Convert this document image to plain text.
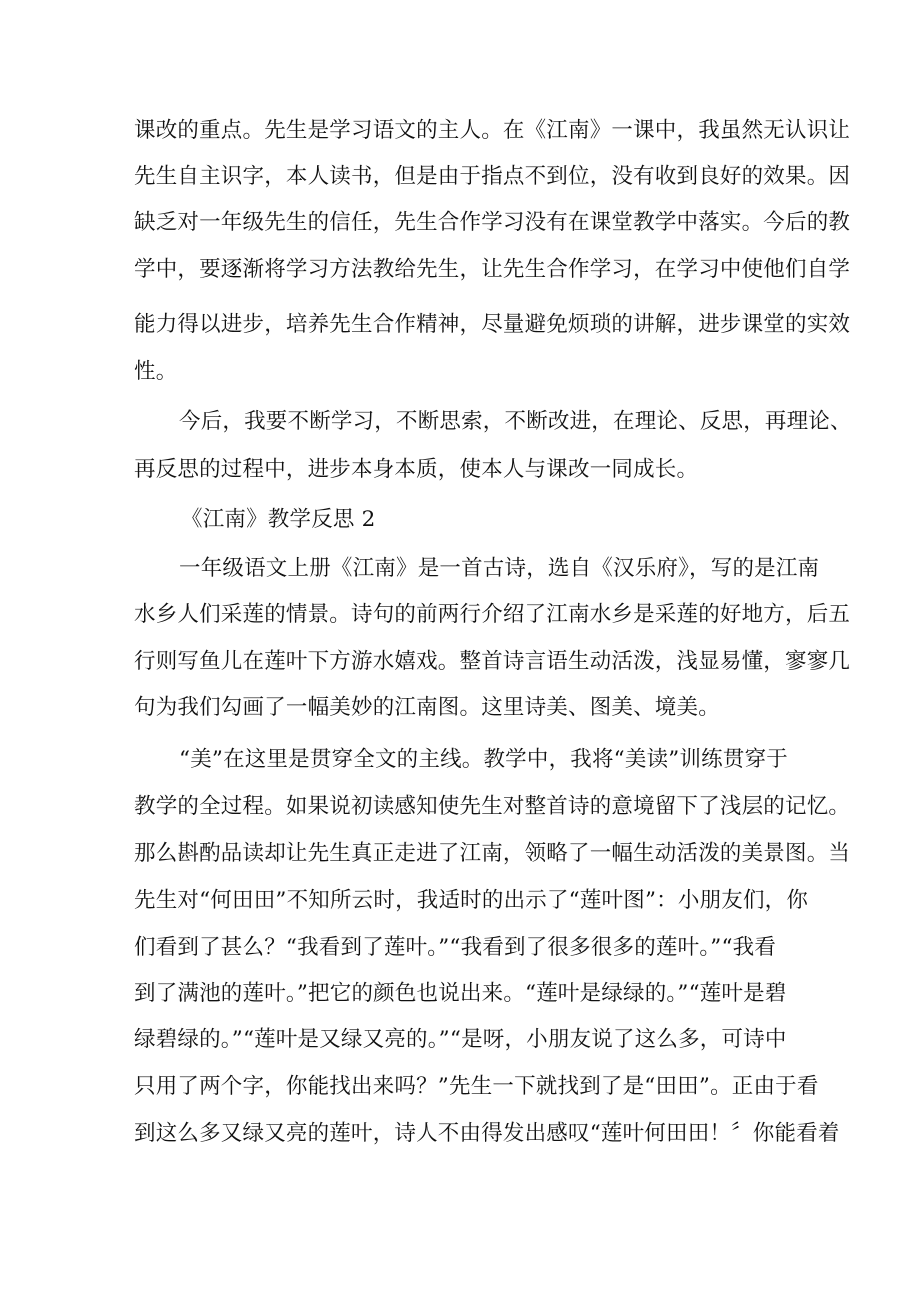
课改的重点。先生是学习语文的主人。在《江南》一课中，我虽然无认识让
先生自主识字，本人读书，但是由于指点不到位，没有收到良好的效果。因
缺乏对一年级先生的信任，先生合作学习没有在课堂教学中落实。今后的教
学中，要逐渐将学习方法教给先生，让先生合作学习，在学习中使他们自学
能力得以进步，培养先生合作精神，尽量避免烦琐的讲解，进步课堂的实效
性。
今后，我要不断学习，不断思索，不断改进，在理论、反思，再理论、
再反思的过程中，进步本身本质，使本人与课改一同成长。
《江南》教学反思 2
一年级语文上册《江南》是一首古诗，选自《汉乐府》，写的是江南
水乡人们采莲的情景。诗句的前两行介绍了江南水乡是采莲的好地方，后五
行则写鱼儿在莲叶下方游水嬉戏。整首诗言语生动活泼，浅显易懂，寥寥几
句为我们勾画了一幅美妙的江南图。这里诗美、图美、境美。
“美”在这里是贯穿全文的主线。教学中，我将“美读”训练贯穿于
教学的全过程。如果说初读感知使先生对整首诗的意境留下了浅层的记忆。
那么斟酌品读却让先生真正走进了江南，领略了一幅生动活泼的美景图。当
先生对“何田田”不知所云时，我适时的出示了“莲叶图”：小朋友们，你
们看到了甚么？“我看到了莲叶。”“我看到了很多很多的莲叶。”“我看
到了满池的莲叶。”把它的颜色也说出来。“莲叶是绿绿的。”“莲叶是碧
绿碧绿的。”“莲叶是又绿又亮的。”“是呀，小朋友说了这么多，可诗中
只用了两个字，你能找出来吗？”先生一下就找到了是“田田”。正由于看
到这么多又绿又亮的莲叶，诗人不由得发出感叹“莲叶何田田！〞你能看着
